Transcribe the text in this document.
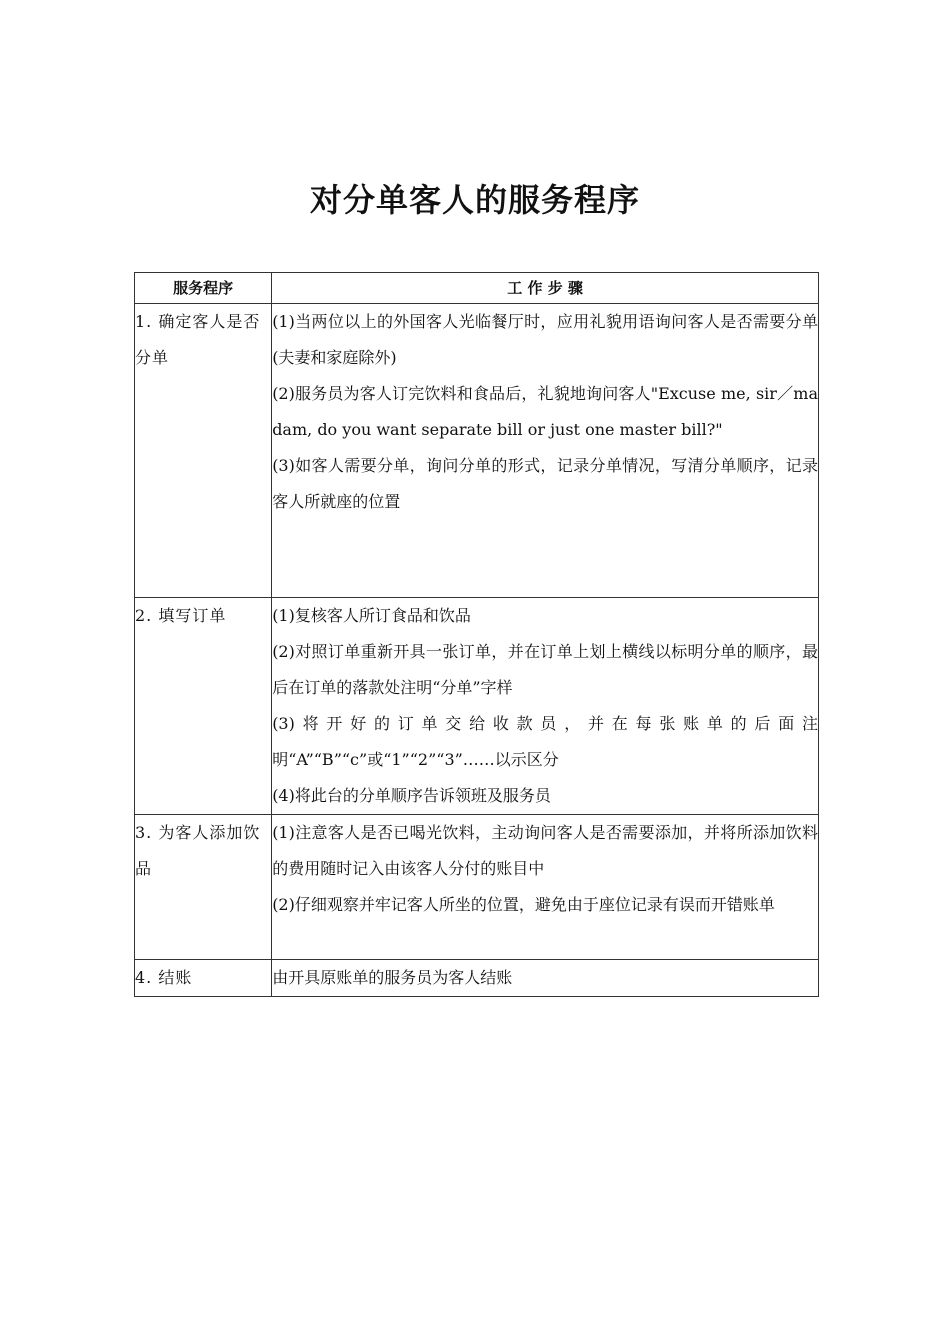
对分单客人的服务程序
服务程序	工 作 步 骤
1. 确定客人是否分单	(1)当两位以上的外国客人光临餐厅时，应用礼貌用语询问客人是否需要分单(夫妻和家庭除外)
(2)服务员为客人订完饮料和食品后，礼貌地询问客人"Excuse me, sir／madam, do you want separate bill or just one master bill?"
(3)如客人需要分单，询问分单的形式，记录分单情况，写清分单顺序，记录客人所就座的位置

2. 填写订单	(1)复核客人所订食品和饮品
(2)对照订单重新开具一张订单，并在订单上划上横线以标明分单的顺序，最后在订单的落款处注明“分单”字样
(3)将开好的订单交给收款员，并在每张账单的后面注明“A”“B”“c”或“1”“2”“3”……以示区分
(4)将此台的分单顺序告诉领班及服务员

3. 为客人添加饮品	(1)注意客人是否已喝光饮料，主动询问客人是否需要添加，并将所添加饮料的费用随时记入由该客人分付的账目中
(2)仔细观察并牢记客人所坐的位置，避免由于座位记录有误而开错账单

4. 结账	由开具原账单的服务员为客人结账
